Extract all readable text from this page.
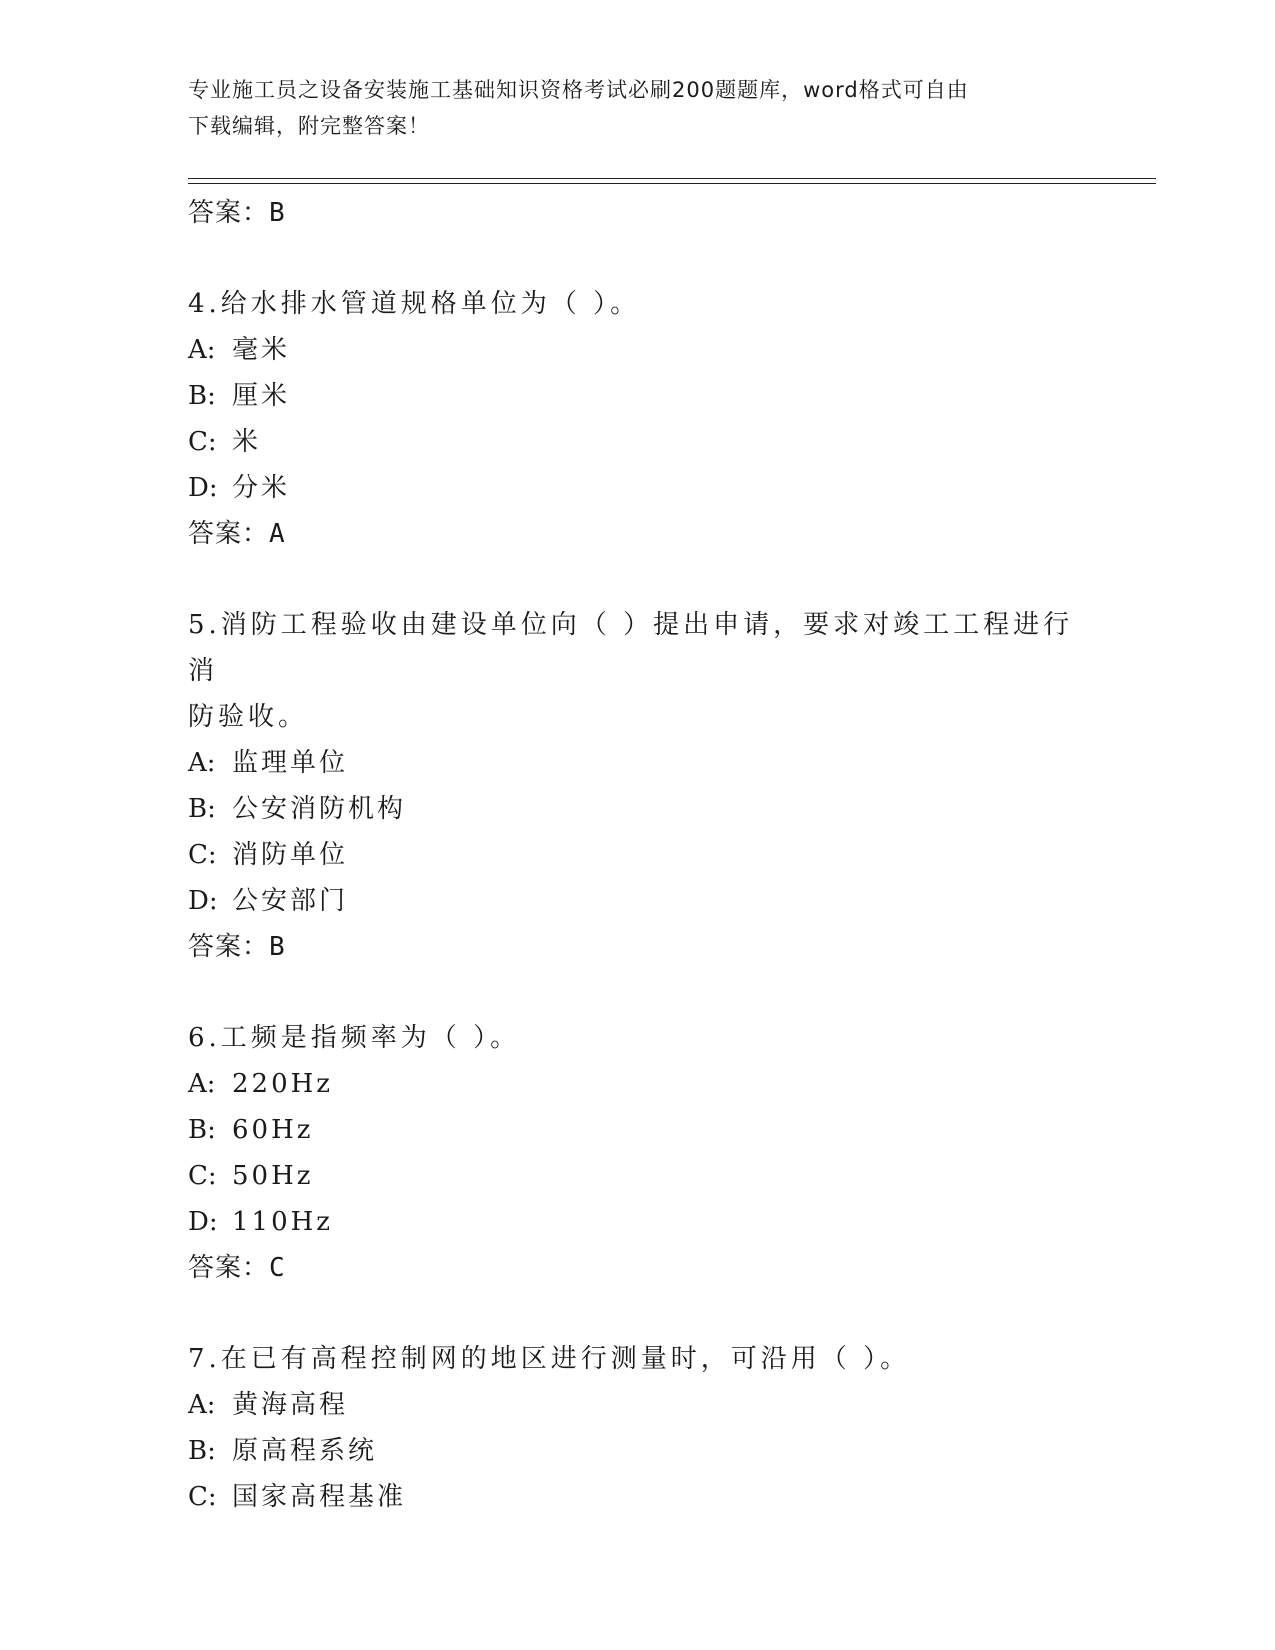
专业施工员之设备安装施工基础知识资格考试必刷200题题库，word格式可自由
下载编辑，附完整答案！
答案：B
4.给水排水管道规格单位为（ ）。
A: 毫米
B: 厘米
C: 米
D: 分米
答案：A
5.消防工程验收由建设单位向（ ）提出申请，要求对竣工工程进行消
防验收。
A: 监理单位
B: 公安消防机构
C: 消防单位
D: 公安部门
答案：B
6.工频是指频率为（ ）。
A: 220Hz
B: 60Hz
C: 50Hz
D: 110Hz
答案：C
7.在已有高程控制网的地区进行测量时，可沿用（ ）。
A: 黄海高程
B: 原高程系统
C: 国家高程基准
